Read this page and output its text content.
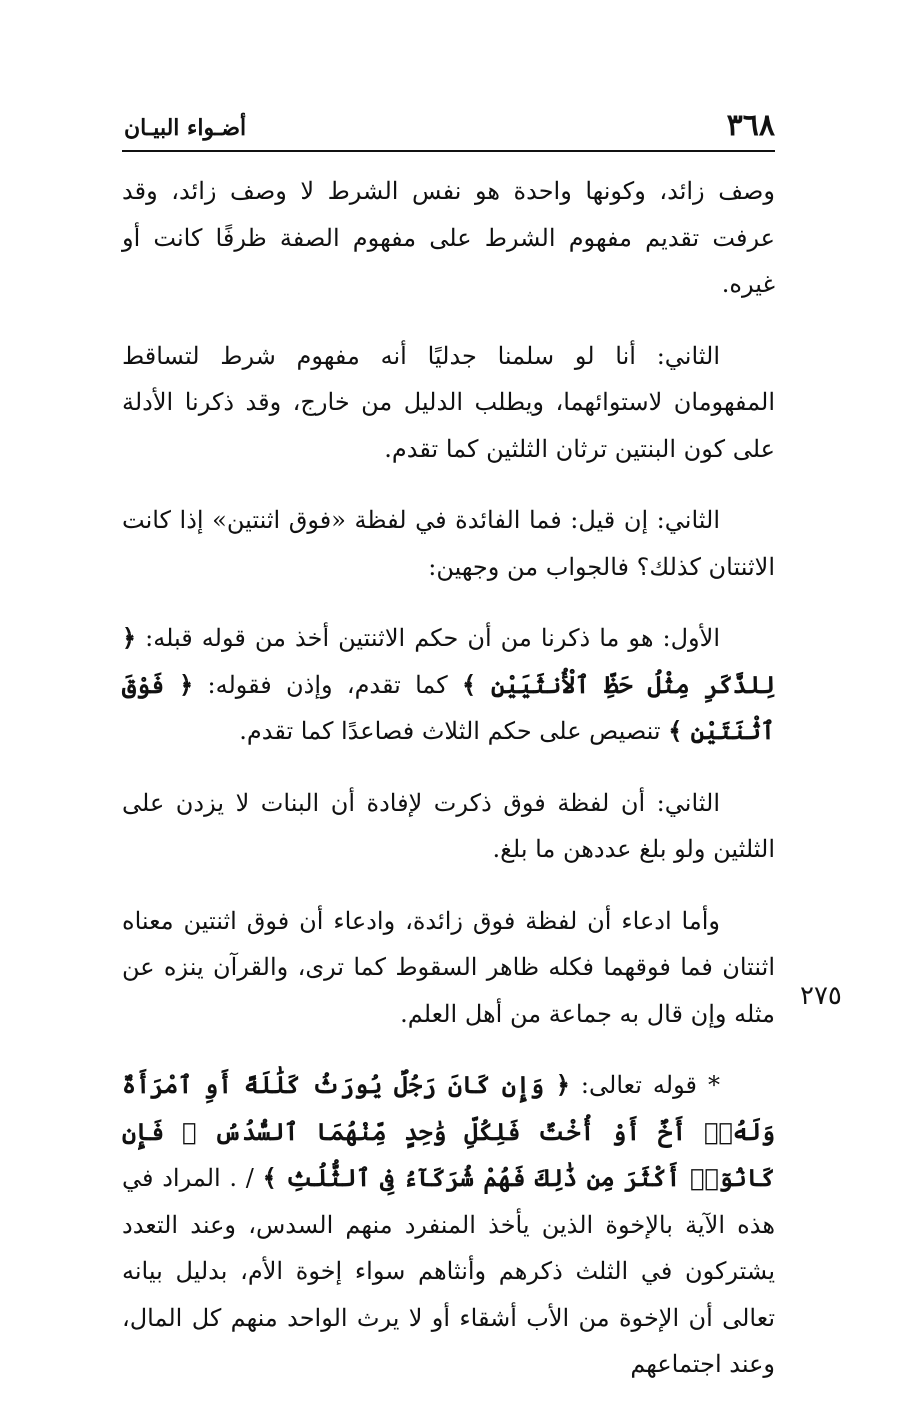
٣٦٨
أضـواء البيـان

وصف زائد، وكونها واحدة هو نفس الشرط لا وصف زائد، وقد عرفت تقديم مفهوم الشرط على مفهوم الصفة ظرفًا كانت أو غيره.

الثاني: أنا لو سلمنا جدليًا أنه مفهوم شرط لتساقط المفهومان لاستوائهما، ويطلب الدليل من خارج، وقد ذكرنا الأدلة على كون البنتين ترثان الثلثين كما تقدم.

الثاني: إن قيل: فما الفائدة في لفظة «فوق اثنتين» إذا كانت الاثنتان كذلك؟ فالجواب من وجهين:

الأول: هو ما ذكرنا من أن حكم الاثنتين أخذ من قوله قبله: ﴿ لِلذَّكَرِ مِثْلُ حَظِّ ٱلْأُنثَيَيْنِ ﴾ كما تقدم، وإذن فقوله: ﴿ فَوْقَ ٱثْنَتَيْنِ ﴾ تنصيص على حكم الثلاث فصاعدًا كما تقدم.

الثاني: أن لفظة فوق ذكرت لإفادة أن البنات لا يزدن على الثلثين ولو بلغ عددهن ما بلغ.

وأما ادعاء أن لفظة فوق زائدة، وادعاء أن فوق اثنتين معناه اثنتان فما فوقهما فكله ظاهر السقوط كما ترى، والقرآن ينزه عن مثله وإن قال به جماعة من أهل العلم.

* قوله تعالى: ﴿ وَإِن كَانَ رَجُلٌ يُورَثُ كَلَٰلَةً أَوِ ٱمْرَأَةٌ وَلَهُۥٓ أَخٌ أَوْ أُخْتٌ فَلِكُلِّ وَٰحِدٍ مِّنْهُمَا ٱلسُّدُسُ ۚ فَإِن كَانُوٓا۟ أَكْثَرَ مِن ذَٰلِكَ فَهُمْ شُرَكَآءُ فِى ٱلثُّلُثِ ﴾ / . المراد في هذه الآية بالإخوة الذين يأخذ المنفرد منهم السدس، وعند التعدد يشتركون في الثلث ذكرهم وأنثاهم سواء إخوة الأم، بدليل بيانه تعالى أن الإخوة من الأب أشقاء أو لا يرث الواحد منهم كل المال، وعند اجتماعهم

٢٧٥
